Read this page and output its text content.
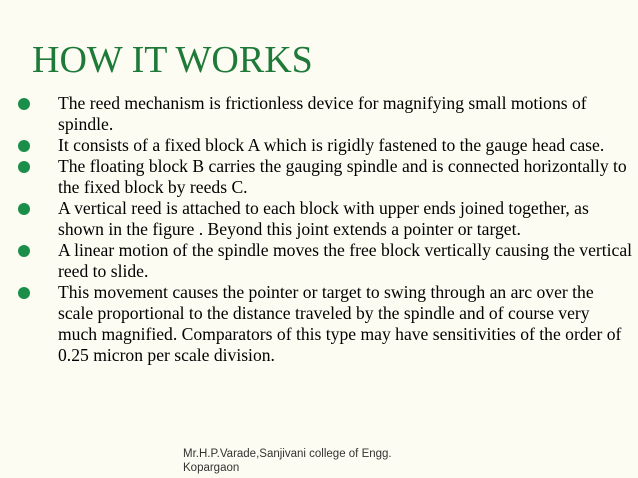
HOW IT WORKS
The reed mechanism is frictionless device for magnifying small motions of spindle.
It consists of a fixed block A which is rigidly fastened to the gauge head case.
The floating block B carries the gauging spindle and is connected horizontally to the fixed block by reeds C.
A vertical reed is attached to each block with upper ends joined together, as shown in the figure . Beyond this joint extends a pointer or target.
A linear motion of the spindle moves the free block vertically causing the vertical reed to slide.
This movement causes the pointer or target to swing through an arc over the scale proportional to the distance traveled by the spindle and of course very much magnified. Comparators of this type may have sensitivities of the order of 0.25 micron per scale division.
Mr.H.P.Varade,Sanjivani college of Engg.
Kopargaon
